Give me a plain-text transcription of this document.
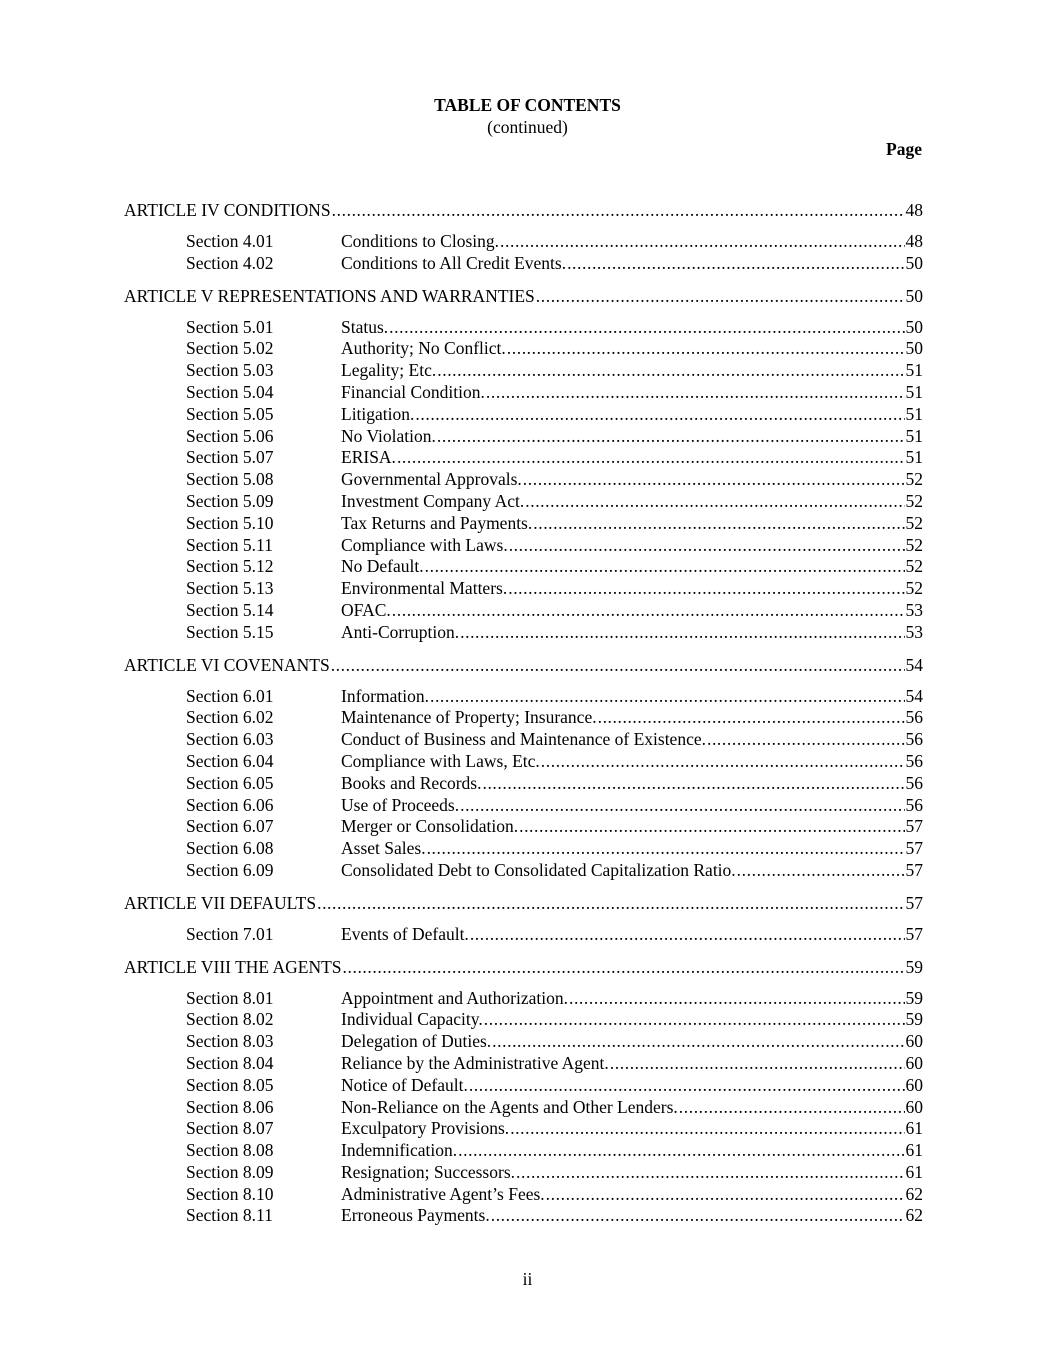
TABLE OF CONTENTS
(continued)
Page
ARTICLE IV CONDITIONS .....	48
Section 4.01	Conditions to Closing. .....	48
Section 4.02	Conditions to All Credit Events. .....	50
ARTICLE V REPRESENTATIONS AND WARRANTIES .....	50
Section 5.01	Status. .....	50
Section 5.02	Authority; No Conflict. .....	50
Section 5.03	Legality; Etc. .....	51
Section 5.04	Financial Condition. .....	51
Section 5.05	Litigation. .....	51
Section 5.06	No Violation. .....	51
Section 5.07	ERISA. .....	51
Section 5.08	Governmental Approvals. .....	52
Section 5.09	Investment Company Act. .....	52
Section 5.10	Tax Returns and Payments. .....	52
Section 5.11	Compliance with Laws. .....	52
Section 5.12	No Default. .....	52
Section 5.13	Environmental Matters. .....	52
Section 5.14	OFAC. .....	53
Section 5.15	Anti-Corruption. .....	53
ARTICLE VI COVENANTS .....	54
Section 6.01	Information. .....	54
Section 6.02	Maintenance of Property; Insurance. .....	56
Section 6.03	Conduct of Business and Maintenance of Existence. .....	56
Section 6.04	Compliance with Laws, Etc. .....	56
Section 6.05	Books and Records. .....	56
Section 6.06	Use of Proceeds. .....	56
Section 6.07	Merger or Consolidation. .....	57
Section 6.08	Asset Sales. .....	57
Section 6.09	Consolidated Debt to Consolidated Capitalization Ratio. .....	57
ARTICLE VII DEFAULTS .....	57
Section 7.01	Events of Default. .....	57
ARTICLE VIII THE AGENTS .....	59
Section 8.01	Appointment and Authorization. .....	59
Section 8.02	Individual Capacity. .....	59
Section 8.03	Delegation of Duties. .....	60
Section 8.04	Reliance by the Administrative Agent. .....	60
Section 8.05	Notice of Default. .....	60
Section 8.06	Non-Reliance on the Agents and Other Lenders. .....	60
Section 8.07	Exculpatory Provisions. .....	61
Section 8.08	Indemnification. .....	61
Section 8.09	Resignation; Successors. .....	61
Section 8.10	Administrative Agent’s Fees. .....	62
Section 8.11	Erroneous Payments. .....	62
ii
